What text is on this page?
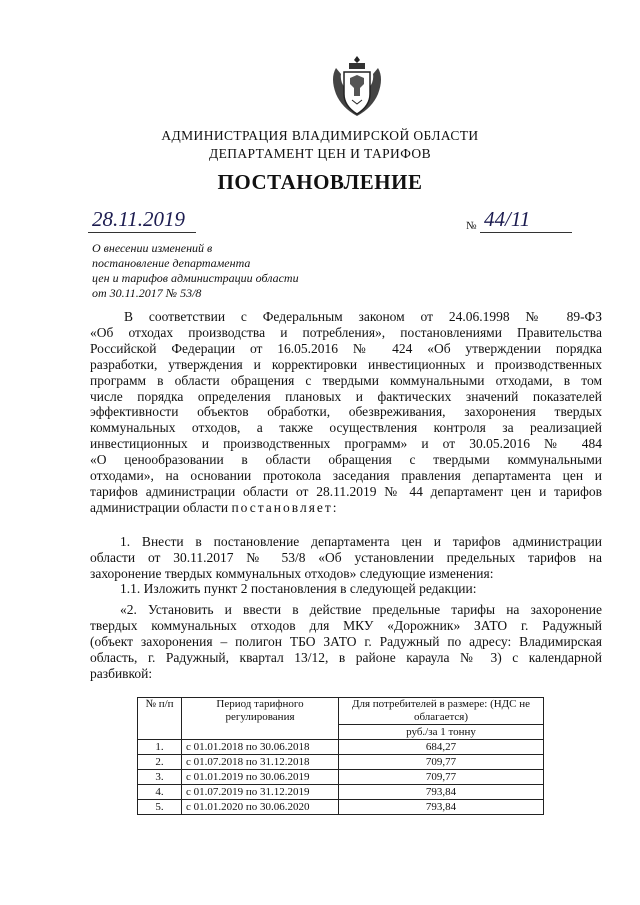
АДМИНИСТРАЦИЯ ВЛАДИМИРСКОЙ ОБЛАСТИ
ДЕПАРТАМЕНТ ЦЕН И ТАРИФОВ
ПОСТАНОВЛЕНИЕ
28.11.2019	№ 44/11
О внесении изменений в
постановление департамента
цен и тарифов администрации области
от 30.11.2017 № 53/8
В соответствии с Федеральным законом от 24.06.1998 № 89-ФЗ
«Об отходах производства и потребления», постановлениями Правительства
Российской Федерации от 16.05.2016 № 424 «Об утверждении порядка
разработки, утверждения и корректировки инвестиционных и производственных
программ в области обращения с твердыми коммунальными отходами, в том
числе порядка определения плановых и фактических значений показателей
эффективности объектов обработки, обезвреживания, захоронения твердых
коммунальных отходов, а также осуществления контроля за реализацией
инвестиционных и производственных программ» и от 30.05.2016 № 484
«О ценообразовании в области обращения с твердыми коммунальными
отходами», на основании протокола заседания правления департамента цен и
тарифов администрации области от 28.11.2019 № 44 департамент цен и тарифов
администрации области постановляет:
1. Внести в постановление департамента цен и тарифов администрации
области от 30.11.2017 № 53/8 «Об установлении предельных тарифов на
захоронение твердых коммунальных отходов» следующие изменения:
1.1. Изложить пункт 2 постановления в следующей редакции:
«2. Установить и ввести в действие предельные тарифы на захоронение
твердых коммунальных отходов для МКУ «Дорожник» ЗАТО г. Радужный
(объект захоронения – полигон ТБО ЗАТО г. Радужный по адресу: Владимирская
область, г. Радужный, квартал 13/12, в районе караула № 3) с календарной
разбивкой:
№ п/п	Период тарифного регулирования	Для потребителей в размере: (НДС не облагается)
		руб./за 1 тонну
1.	с 01.01.2018 по 30.06.2018	684,27
2.	с 01.07.2018 по 31.12.2018	709,77
3.	с 01.01.2019 по 30.06.2019	709,77
4.	с 01.07.2019 по 31.12.2019	793,84
5.	с 01.01.2020 по 30.06.2020	793,84
